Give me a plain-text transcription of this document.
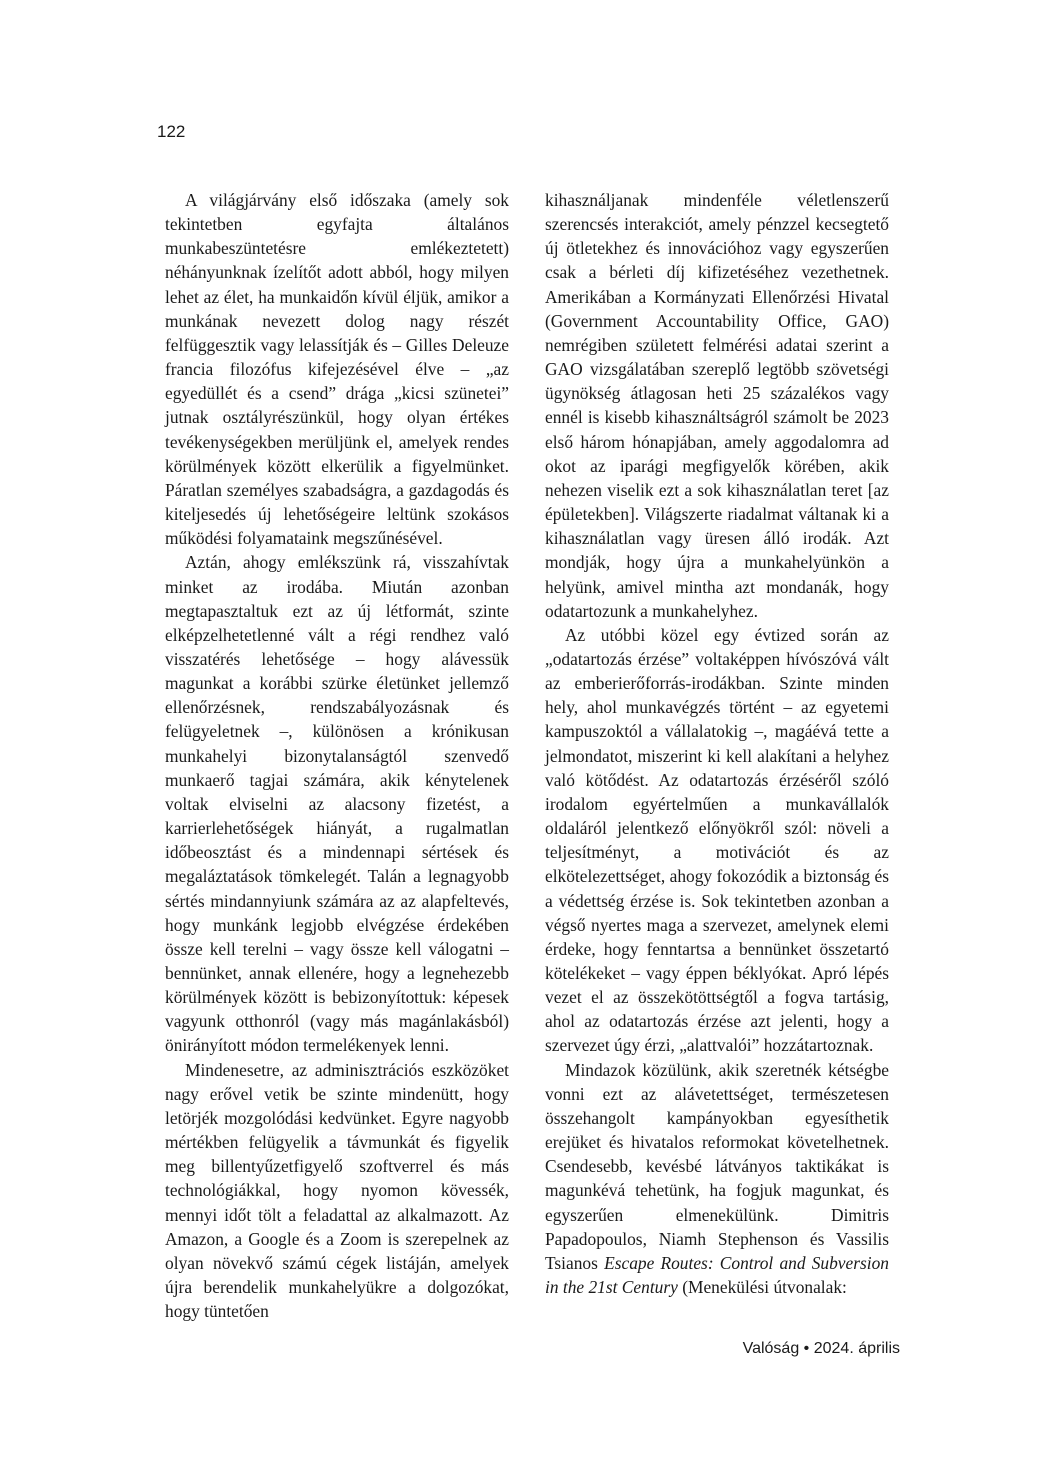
122

A világjárvány első időszaka (amely sok tekintetben egyfajta általános munkabeszüntetésre emlékeztetett) néhányunknak ízelítőt adott abból, hogy milyen lehet az élet, ha munkaidőn kívül éljük, amikor a munkának nevezett dolog nagy részét felfüggesztik vagy lelassítják és – Gilles Deleuze francia filozófus kifejezésével élve – „az egyedüllét és a csend” drága „kicsi szünetei” jutnak osztályrészünkül, hogy olyan értékes tevékenységekben merüljünk el, amelyek rendes körülmények között elkerülik a figyelmünket. Páratlan személyes szabadságra, a gazdagodás és kiteljesedés új lehetőségeire leltünk szokásos működési folyamataink megszűnésével.

Aztán, ahogy emlékszünk rá, visszahívtak minket az irodába. Miután azonban megtapasztaltuk ezt az új létformát, szinte elképzelhetetlenné vált a régi rendhez való visszatérés lehetősége – hogy alávessük magunkat a korábbi szürke életünket jellemző ellenőrzésnek, rendszabályozásnak és felügyeletnek –, különösen a krónikusan munkahelyi bizonytalanságtól szenvedő munkaerő tagjai számára, akik kénytelenek voltak elviselni az alacsony fizetést, a karrierlehetőségek hiányát, a rugalmatlan időbeosztást és a mindennapi sértések és megaláztatások tömkelegét. Talán a legnagyobb sértés mindannyiunk számára az az alapfeltevés, hogy munkánk legjobb elvégzése érdekében össze kell terelni – vagy össze kell válogatni – bennünket, annak ellenére, hogy a legnehezebb körülmények között is bebizonyítottuk: képesek vagyunk otthonról (vagy más magánlakásból) önirányított módon termelékenyek lenni.

Mindenesetre, az adminisztrációs eszközöket nagy erővel vetik be szinte mindenütt, hogy letörjék mozgolódási kedvünket. Egyre nagyobb mértékben felügyelik a távmunkát és figyelik meg billentyűzetfigyelő szoftverrel és más technológiákkal, hogy nyomon kövessék, mennyi időt tölt a feladattal az alkalmazott. Az Amazon, a Google és a Zoom is szerepelnek az olyan növekvő számú cégek listáján, amelyek újra berendelik munkahelyükre a dolgozókat, hogy tüntetően

kihasználjanak mindenféle véletlenszerű szerencsés interakciót, amely pénzzel kecsegtető új ötletekhez és innovációhoz vagy egyszerűen csak a bérleti díj kifizetéséhez vezethetnek. Amerikában a Kormányzati Ellenőrzési Hivatal (Government Accountability Office, GAO) nemrégiben született felmérési adatai szerint a GAO vizsgálatában szereplő legtöbb szövetségi ügynökség átlagosan heti 25 százalékos vagy ennél is kisebb kihasználtságról számolt be 2023 első három hónapjában, amely aggodalomra ad okot az iparági megfigyelők körében, akik nehezen viselik ezt a sok kihasználatlan teret [az épületekben]. Világszerte riadalmat váltanak ki a kihasználatlan vagy üresen álló irodák. Azt mondják, hogy újra a munkahelyünkön a helyünk, amivel mintha azt mondanák, hogy odatartozunk a munkahelyhez.

Az utóbbi közel egy évtized során az „odatartozás érzése” voltaképpen hívószóvá vált az emberierőforrás-irodákban. Szinte minden hely, ahol munkavégzés történt – az egyetemi kampuszoktól a vállalatokig –, magáévá tette a jelmondatot, miszerint ki kell alakítani a helyhez való kötődést. Az odatartozás érzéséről szóló irodalom egyértelműen a munkavállalók oldaláról jelentkező előnyökről szól: növeli a teljesítményt, a motivációt és az elkötelezettséget, ahogy fokozódik a biztonság és a védettség érzése is. Sok tekintetben azonban a végső nyertes maga a szervezet, amelynek elemi érdeke, hogy fenntartsa a bennünket összetartó kötelékeket – vagy éppen béklyókat. Apró lépés vezet el az összekötöttségtől a fogva tartásig, ahol az odatartozás érzése azt jelenti, hogy a szervezet úgy érzi, „alattvalói” hozzátartoznak.

Mindazok közülünk, akik szeretnék kétségbe vonni ezt az alávetettséget, természetesen összehangolt kampányokban egyesíthetik erejüket és hivatalos reformokat követelhetnek. Csendesebb, kevésbé látványos taktikákat is magunkévá tehetünk, ha fogjuk magunkat, és egyszerűen elmenekülünk. Dimitris Papadopoulos, Niamh Stephenson és Vassilis Tsianos Escape Routes: Control and Subversion in the 21st Century (Menekülési útvonalak:

Valóság • 2024. április
